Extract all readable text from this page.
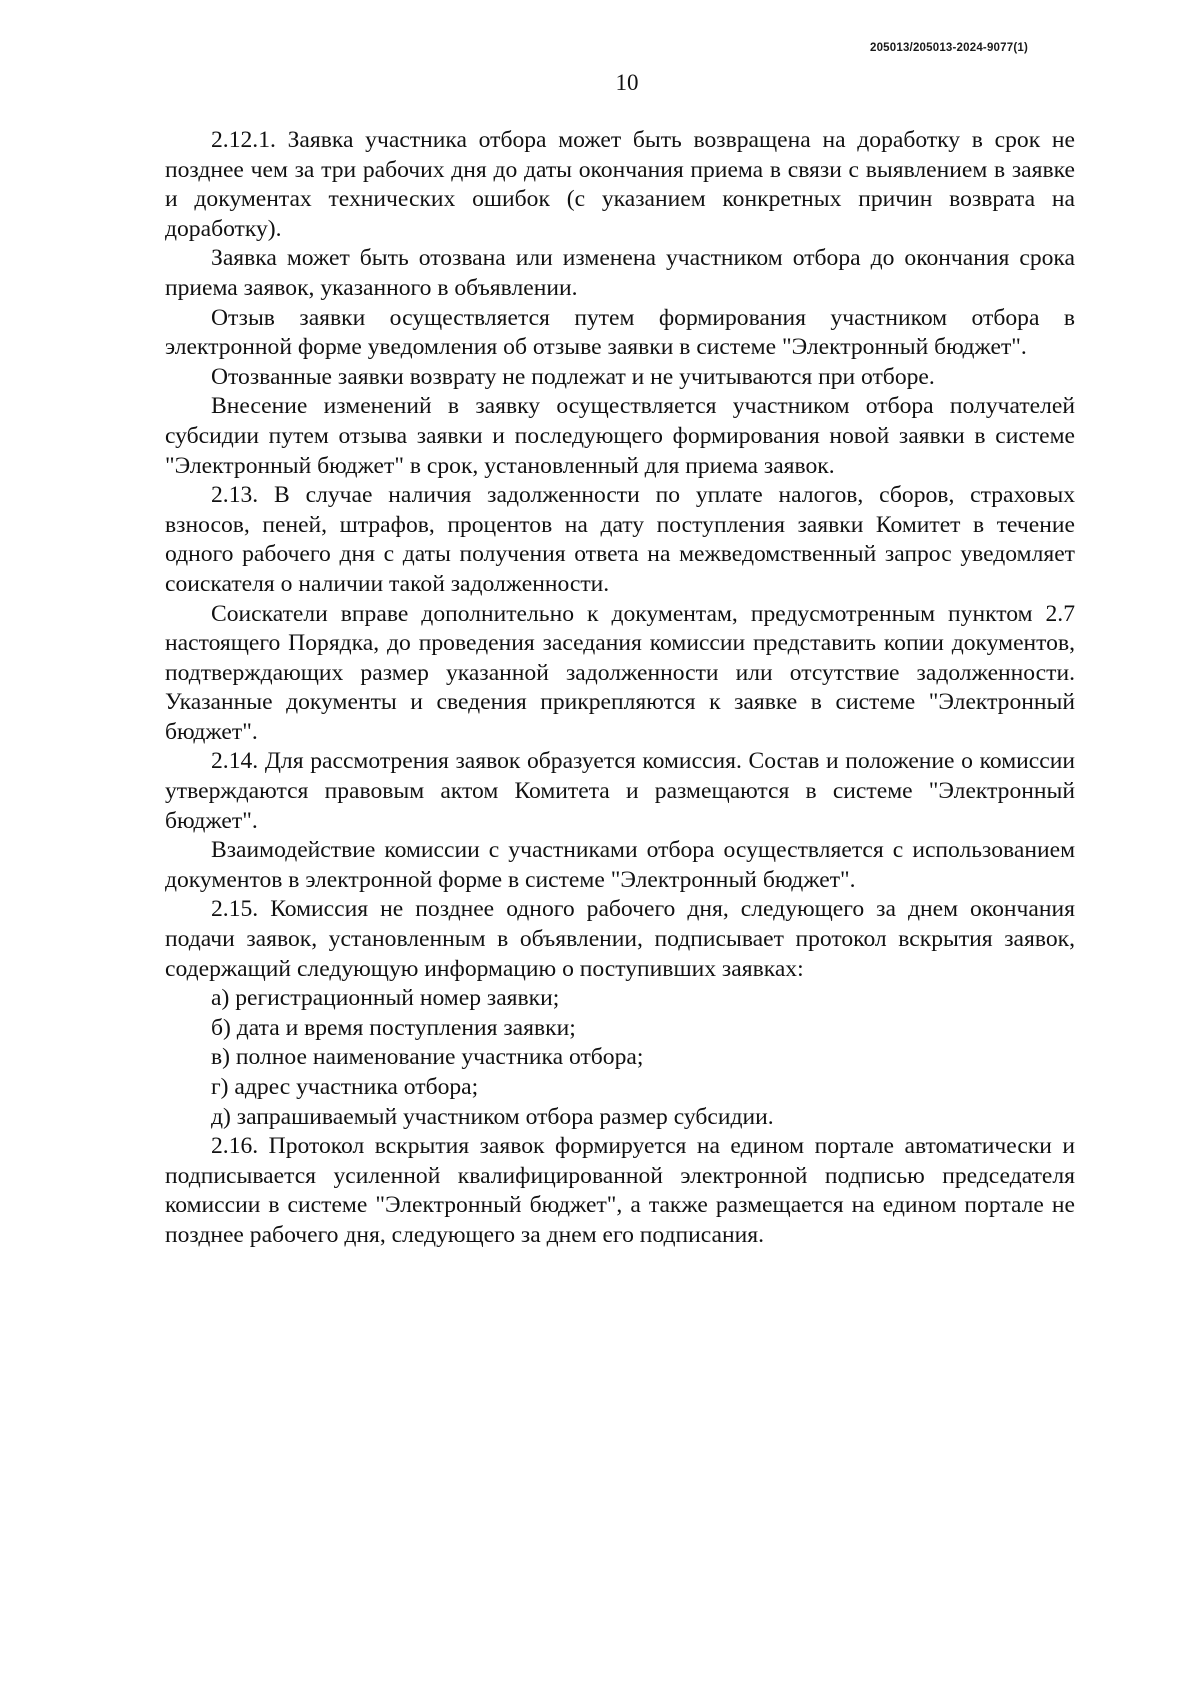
205013/205013-2024-9077(1)
10

2.12.1. Заявка участника отбора может быть возвращена на доработку в срок не позднее чем за три рабочих дня до даты окончания приема в связи с выявлением в заявке и документах технических ошибок (с указанием конкретных причин возврата на доработку).

Заявка может быть отозвана или изменена участником отбора до окончания срока приема заявок, указанного в объявлении.

Отзыв заявки осуществляется путем формирования участником отбора в электронной форме уведомления об отзыве заявки в системе "Электронный бюджет".

Отозванные заявки возврату не подлежат и не учитываются при отборе.

Внесение изменений в заявку осуществляется участником отбора получателей субсидии путем отзыва заявки и последующего формирования новой заявки в системе "Электронный бюджет" в срок, установленный для приема заявок.

2.13. В случае наличия задолженности по уплате налогов, сборов, страховых взносов, пеней, штрафов, процентов на дату поступления заявки Комитет в течение одного рабочего дня с даты получения ответа на межведомственный запрос уведомляет соискателя о наличии такой задолженности.

Соискатели вправе дополнительно к документам, предусмотренным пунктом 2.7 настоящего Порядка, до проведения заседания комиссии представить копии документов, подтверждающих размер указанной задолженности или отсутствие задолженности. Указанные документы и сведения прикрепляются к заявке в системе "Электронный бюджет".

2.14. Для рассмотрения заявок образуется комиссия. Состав и положение о комиссии утверждаются правовым актом Комитета и размещаются в системе "Электронный бюджет".

Взаимодействие комиссии с участниками отбора осуществляется с использованием документов в электронной форме в системе "Электронный бюджет".

2.15. Комиссия не позднее одного рабочего дня, следующего за днем окончания подачи заявок, установленным в объявлении, подписывает протокол вскрытия заявок, содержащий следующую информацию о поступивших заявках:

а) регистрационный номер заявки;

б) дата и время поступления заявки;

в) полное наименование участника отбора;

г) адрес участника отбора;

д) запрашиваемый участником отбора размер субсидии.

2.16. Протокол вскрытия заявок формируется на едином портале автоматически и подписывается усиленной квалифицированной электронной подписью председателя комиссии в системе "Электронный бюджет", а также размещается на едином портале не позднее рабочего дня, следующего за днем его подписания.
